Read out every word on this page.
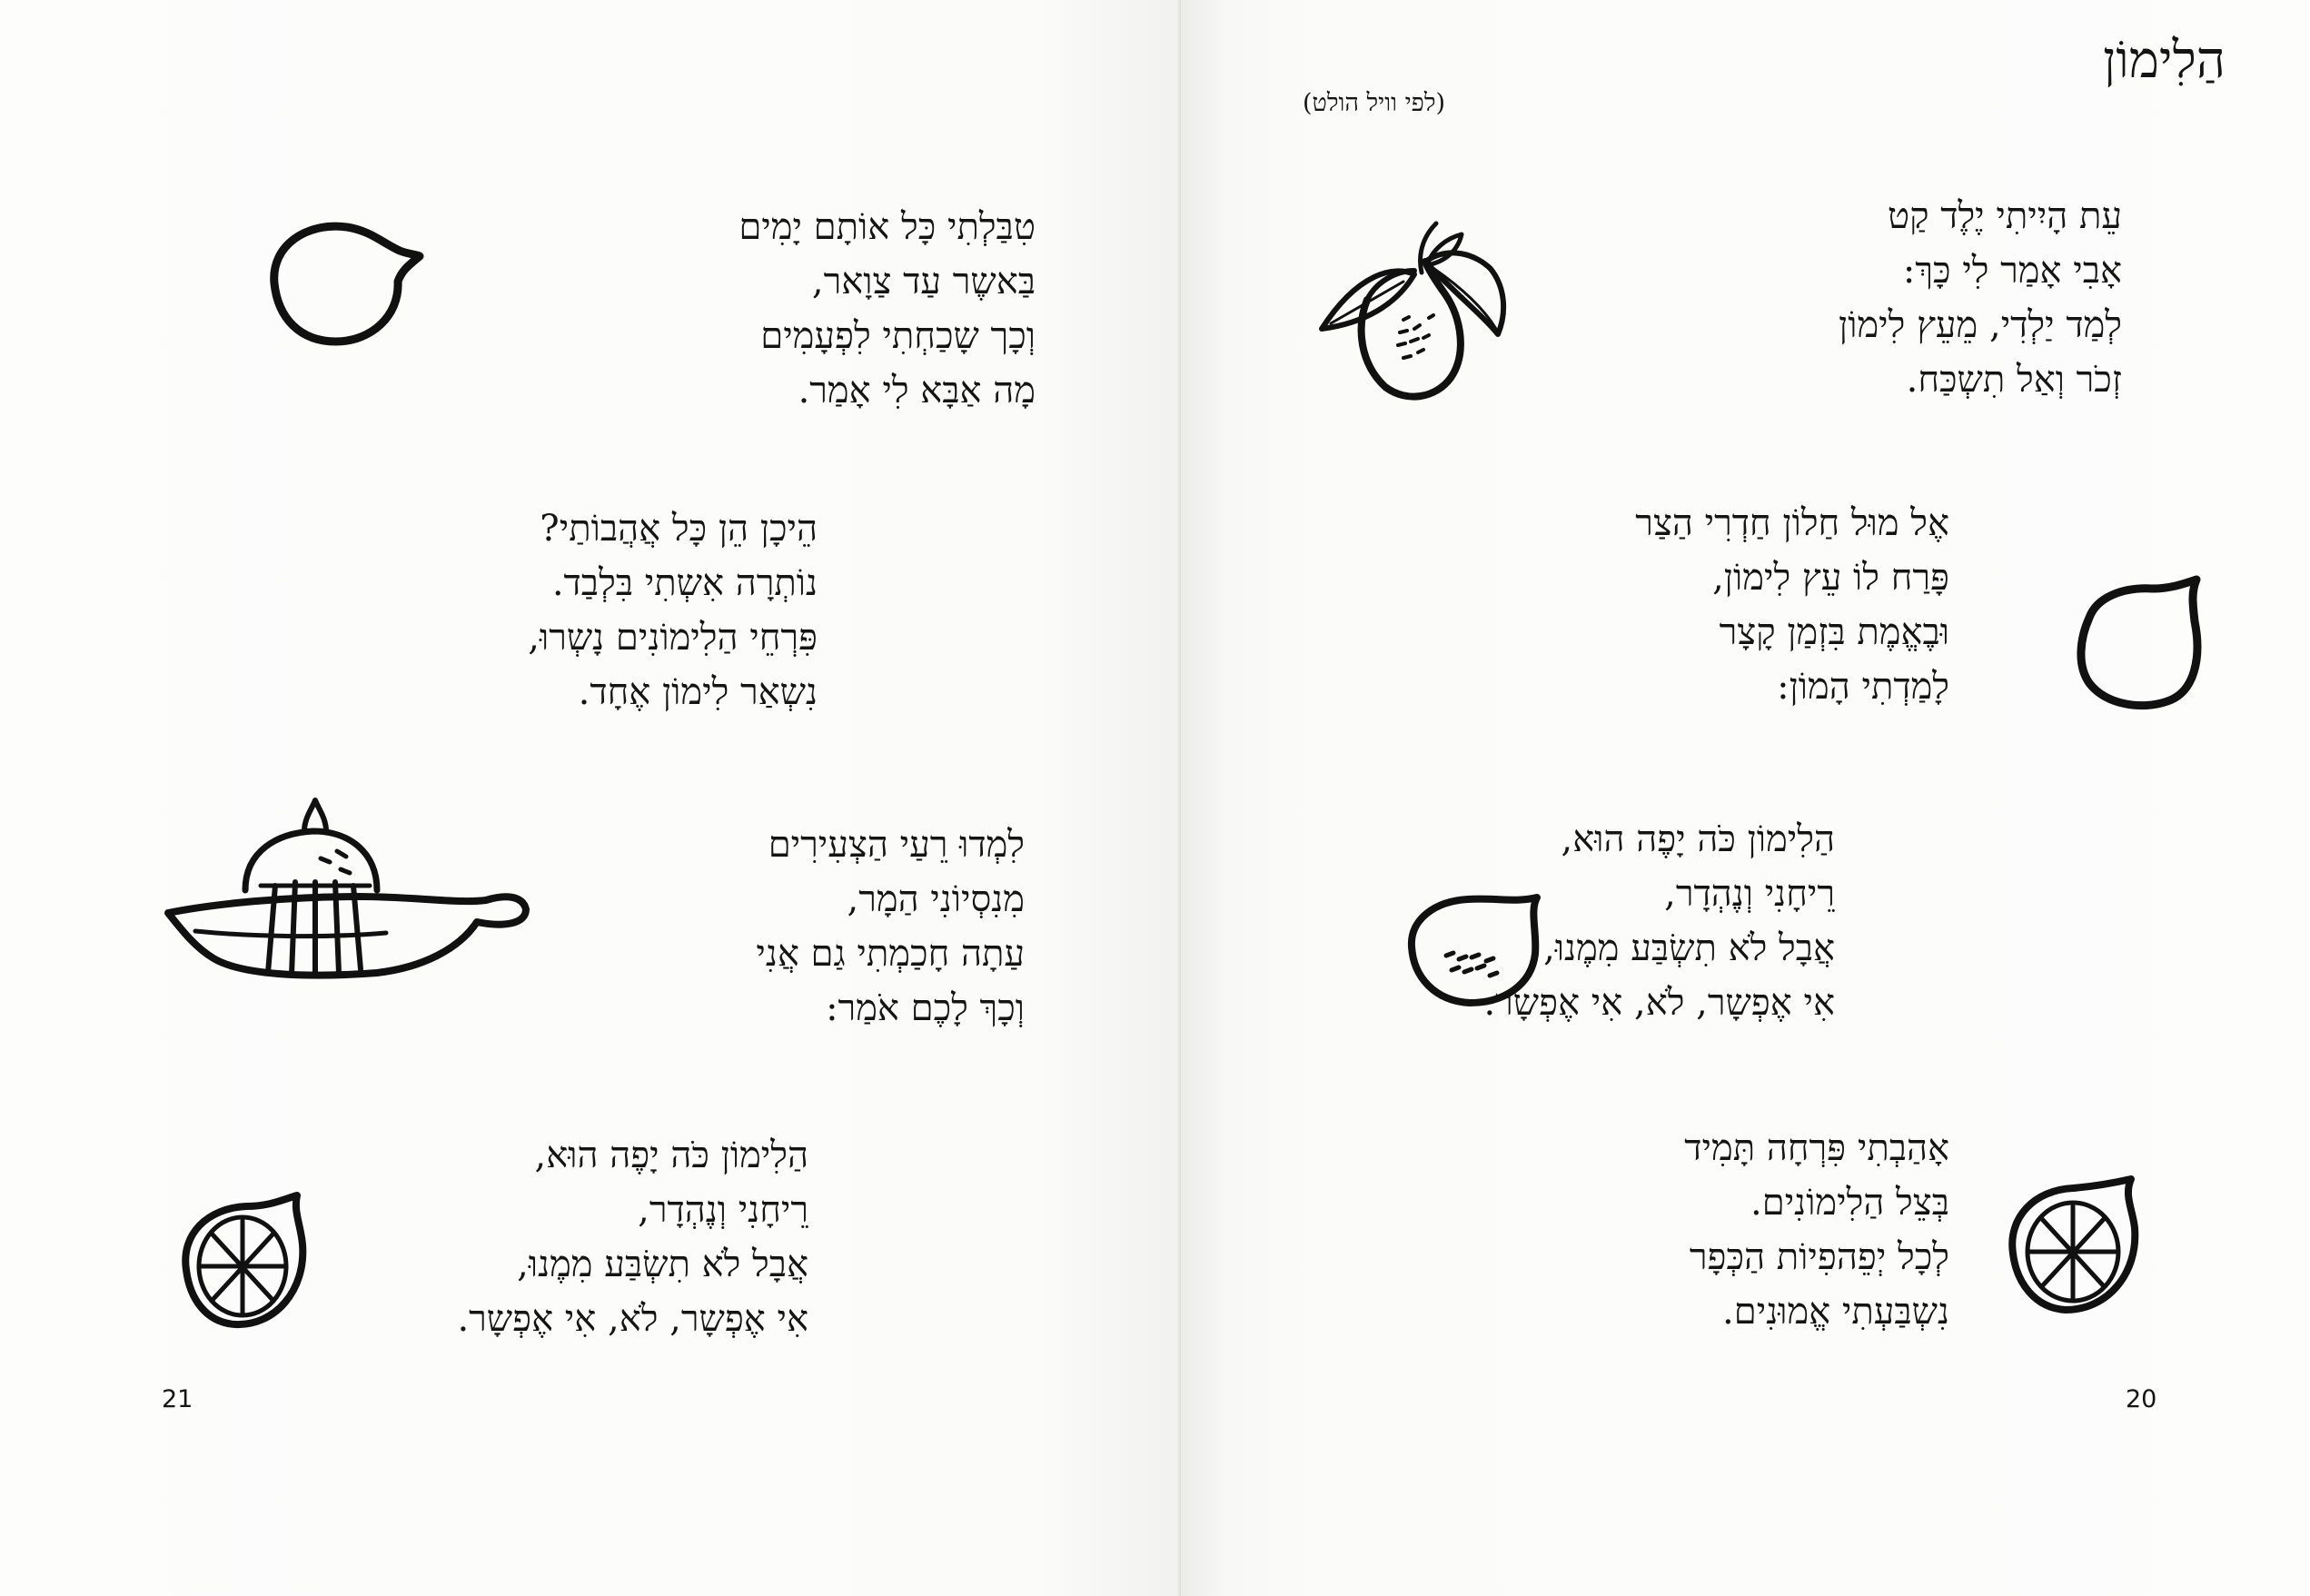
טִבַּלְתִי כָּל אוֹתָם יָמִים
בַּאשֶר עַד צַוָאר,
וְכָך שָכַחְתִי לִפְעָמִים
מָה אַבָּא לִי אָמַר.
הֵיכָן הֵן כָּל אֲהֲבוֹתַי?
נוֹתְרָה אִשְתִי בִּלְבַד.
פִּרְחֵי הַלִימוֹנִים נָשְרוּ,
נִשְאַר לִימוֹן אֶחָד.
לִמְדוּ רֵעַי הַצְעִירִים
מִנִסְיוֹנִי הַמָר,
עַתָה חָכַמְתִי גַם אֲנִי
וְכָךְ לָכֶם אֹמַר:
הַלִימוֹן כֹּה יָפֶה הוּא,
רֵיחָנִי וְנֶהְדָר,
אֲבָל לֹא תִשְׂבַּע מִמֶנוּ,
אִי אֶפְשָר, לֹא, אִי אֶפְשָר.
21	20
הַלִימוֹן
(לפי וויל הולט)
עֵת הָיִיתִי יֶלֶד קַט
אָבִי אָמַר לִי כָּךְ:
לְמַד יַלְדִי, מֵעֵץ לִימוֹן
זְכֹר וְאַל תִשְכַּח.
אֶל מוּל חַלוֹן חַדְרִי הַצַר
פָּרַח לוֹ עֵץ לִימוֹן,
וּבֶאֱמֶת בִּזְמַן קָצָר
לָמַדְתִי הָמוֹן:
הַלִימוֹן כֹּה יָפֶה הוּא,
רֵיחָנִי וְנֶהְדָר,
אֲבָל לֹא תִשְׂבַּע מִמֶנוּ,
אִי אֶפְשָר, לֹא, אִי אֶפְשָר.
אָהַבְתִי פִּרְחָה תָּמִיד
בְּצֵל הַלִימוֹנִים.
לְכָל יְפֵהפִיוֹת הַכְּפָר
נִשְבַּעְתִי אֱמוּנִים.
